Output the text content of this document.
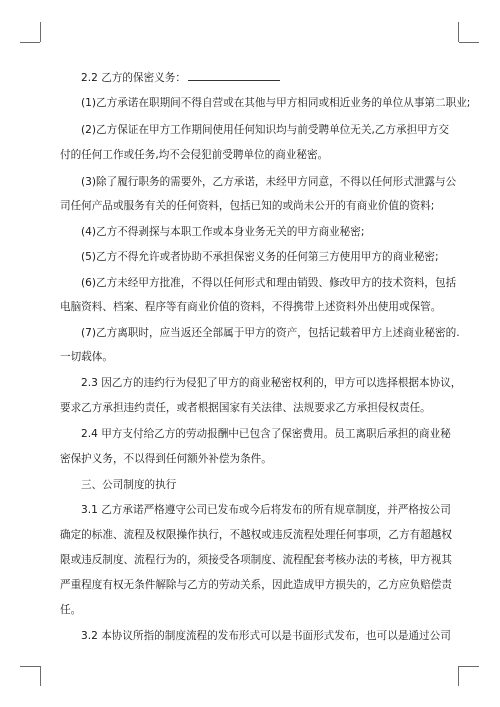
2.2 乙方的保密义务：
(1)乙方承诺在职期间不得自营或在其他与甲方相同或相近业务的单位从事第二职业;
(2)乙方保证在甲方工作期间使用任何知识均与前受聘单位无关,乙方承担甲方交
付的任何工作或任务,均不会侵犯前受聘单位的商业秘密。
(3)除了履行职务的需要外，乙方承诺，未经甲方同意，不得以任何形式泄露与公
司任何产品或服务有关的任何资料，包括已知的或尚未公开的有商业价值的资料;
(4)乙方不得剥探与本职工作或本身业务无关的甲方商业秘密;
(5)乙方不得允许或者协助不承担保密义务的任何第三方使用甲方的商业秘密;
(6)乙方未经甲方批准，不得以任何形式和理由销毁、修改甲方的技术资料，包括
电脑资料、档案、程序等有商业价值的资料，不得携带上述资料外出使用或保管。
(7)乙方离职时，应当返还全部属于甲方的资产，包括记载着甲方上述商业秘密的.
一切载体。
2.3 因乙方的违约行为侵犯了甲方的商业秘密权利的，甲方可以选择根据本协议，
要求乙方承担违约责任，或者根据国家有关法律、法规要求乙方承担侵权责任。
2.4 甲方支付给乙方的劳动报酬中已包含了保密费用。员工离职后承担的商业秘
密保护义务，不以得到任何额外补偿为条件。
三、公司制度的执行
3.1 乙方承诺严格遵守公司已发布或今后将发布的所有规章制度，并严格按公司
确定的标准、流程及权限操作执行，不越权或违反流程处理任何事项，乙方有超越权
限或违反制度、流程行为的，须接受各项制度、流程配套考核办法的考核，甲方视其
严重程度有权无条件解除与乙方的劳动关系，因此造成甲方损失的，乙方应负赔偿责
任。
3.2 本协议所指的制度流程的发布形式可以是书面形式发布，也可以是通过公司
